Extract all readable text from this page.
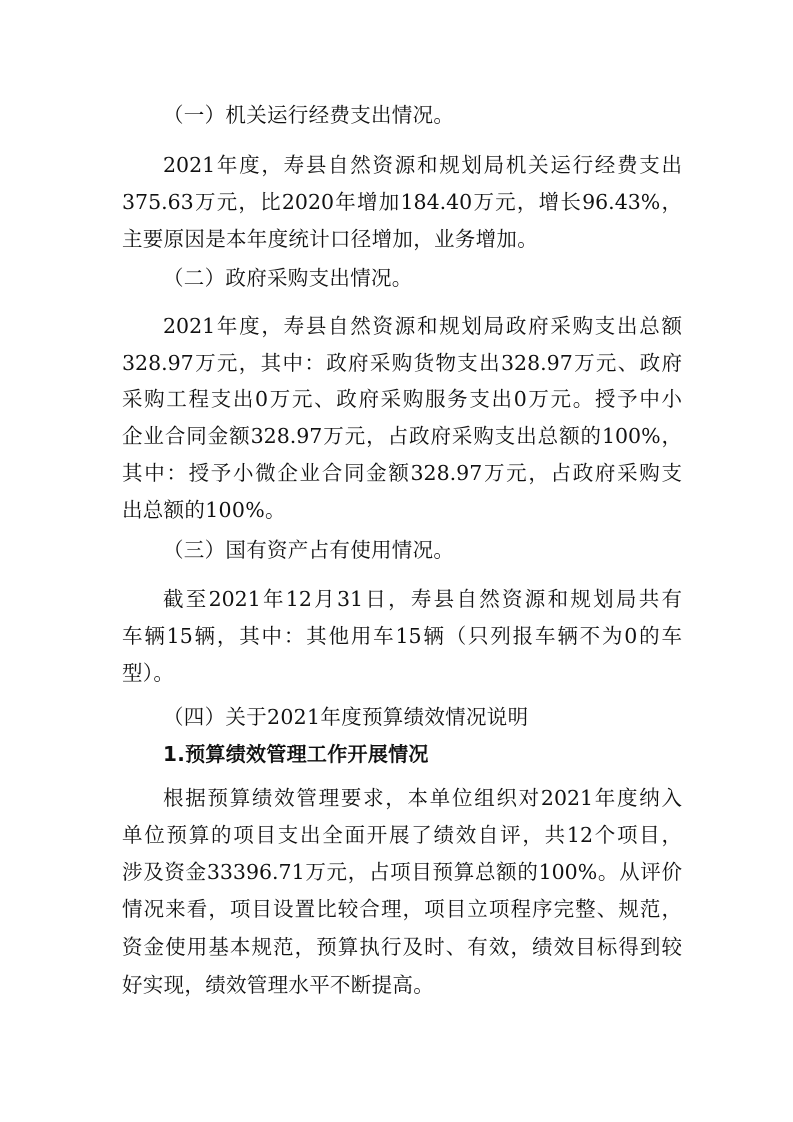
（一）机关运行经费支出情况。
2021年度，寿县自然资源和规划局机关运行经费支出
375.63万元，比2020年增加184.40万元，增长96.43%，
主要原因是本年度统计口径增加，业务增加。
（二）政府采购支出情况。
2021年度，寿县自然资源和规划局政府采购支出总额
328.97万元，其中：政府采购货物支出328.97万元、政府
采购工程支出0万元、政府采购服务支出0万元。授予中小
企业合同金额328.97万元，占政府采购支出总额的100%，
其中：授予小微企业合同金额328.97万元，占政府采购支
出总额的100%。
（三）国有资产占有使用情况。
截至2021年12月31日，寿县自然资源和规划局共有
车辆15辆，其中：其他用车15辆（只列报车辆不为0的车
型）。
（四）关于2021年度预算绩效情况说明
1.预算绩效管理工作开展情况
根据预算绩效管理要求，本单位组织对2021年度纳入
单位预算的项目支出全面开展了绩效自评，共12个项目，
涉及资金33396.71万元，占项目预算总额的100%。从评价
情况来看，项目设置比较合理，项目立项程序完整、规范，
资金使用基本规范，预算执行及时、有效，绩效目标得到较
好实现，绩效管理水平不断提高。
